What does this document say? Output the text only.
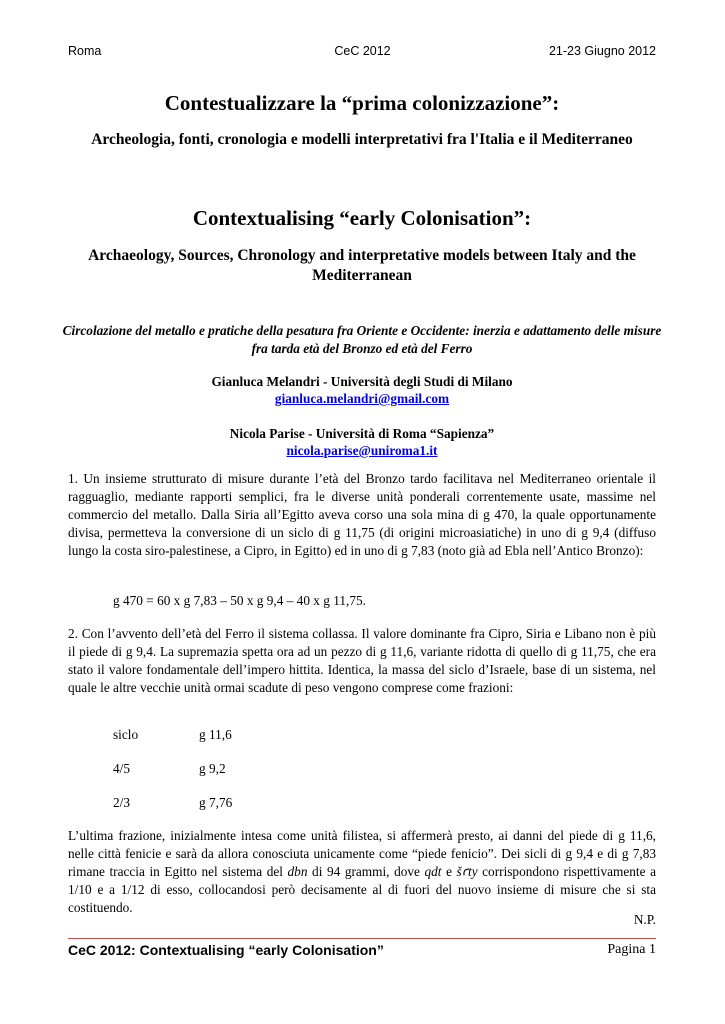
Roma	CeC 2012	21-23 Giugno 2012
Contestualizzare la “prima colonizzazione”:
Archeologia, fonti, cronologia e modelli interpretativi fra l'Italia e il Mediterraneo
Contextualising “early Colonisation”:
Archaeology, Sources, Chronology and interpretative models between Italy and the Mediterranean
Circolazione del metallo e pratiche della pesatura fra Oriente e Occidente: inerzia e adattamento delle misure fra tarda età del Bronzo ed età del Ferro
Gianluca Melandri - Università degli Studi di Milano
gianluca.melandri@gmail.com
Nicola Parise - Università di Roma “Sapienza”
nicola.parise@uniroma1.it
1. Un insieme strutturato di misure durante l’età del Bronzo tardo facilitava nel Mediterraneo orientale il ragguaglio, mediante rapporti semplici, fra le diverse unità ponderali correntemente usate, massime nel commercio del metallo. Dalla Siria all’Egitto aveva corso una sola mina di g 470, la quale opportunamente divisa, permetteva la conversione di un siclo di g 11,75 (di origini microasiatiche) in uno di g 9,4 (diffuso lungo la costa siro-palestinese, a Cipro, in Egitto) ed in uno di g 7,83 (noto già ad Ebla nell’Antico Bronzo):
g 470 = 60 x g 7,83 – 50 x g 9,4 – 40 x g 11,75.
2. Con l’avvento dell’età del Ferro il sistema collassa. Il valore dominante fra Cipro, Siria e Libano non è più il piede di g 9,4. La supremazia spetta ora ad un pezzo di g 11,6, variante ridotta di quello di g 11,75, che era stato il valore fondamentale dell’impero hittita. Identica, la massa del siclo d’Israele, base di un sistema, nel quale le altre vecchie unità ormai scadute di peso vengono comprese come frazioni:
siclo	g 11,6
4/5	g 9,2
2/3	g 7,76
L’ultima frazione, inizialmente intesa come unità filistea, si affermerà presto, ai danni del piede di g 11,6, nelle città fenicie e sarà da allora conosciuta unicamente come “piede fenicio”. Dei sicli di g 9,4 e di g 7,83 rimane traccia in Egitto nel sistema del dbn di 94 grammi, dove qdt e šꜥty corrispondono rispettivamente a 1/10 e a 1/12 di esso, collocandosi però decisamente al di fuori del nuovo insieme di misure che si sta costituendo.
N.P.
CeC 2012: Contextualising “early Colonisation”	Pagina 1
